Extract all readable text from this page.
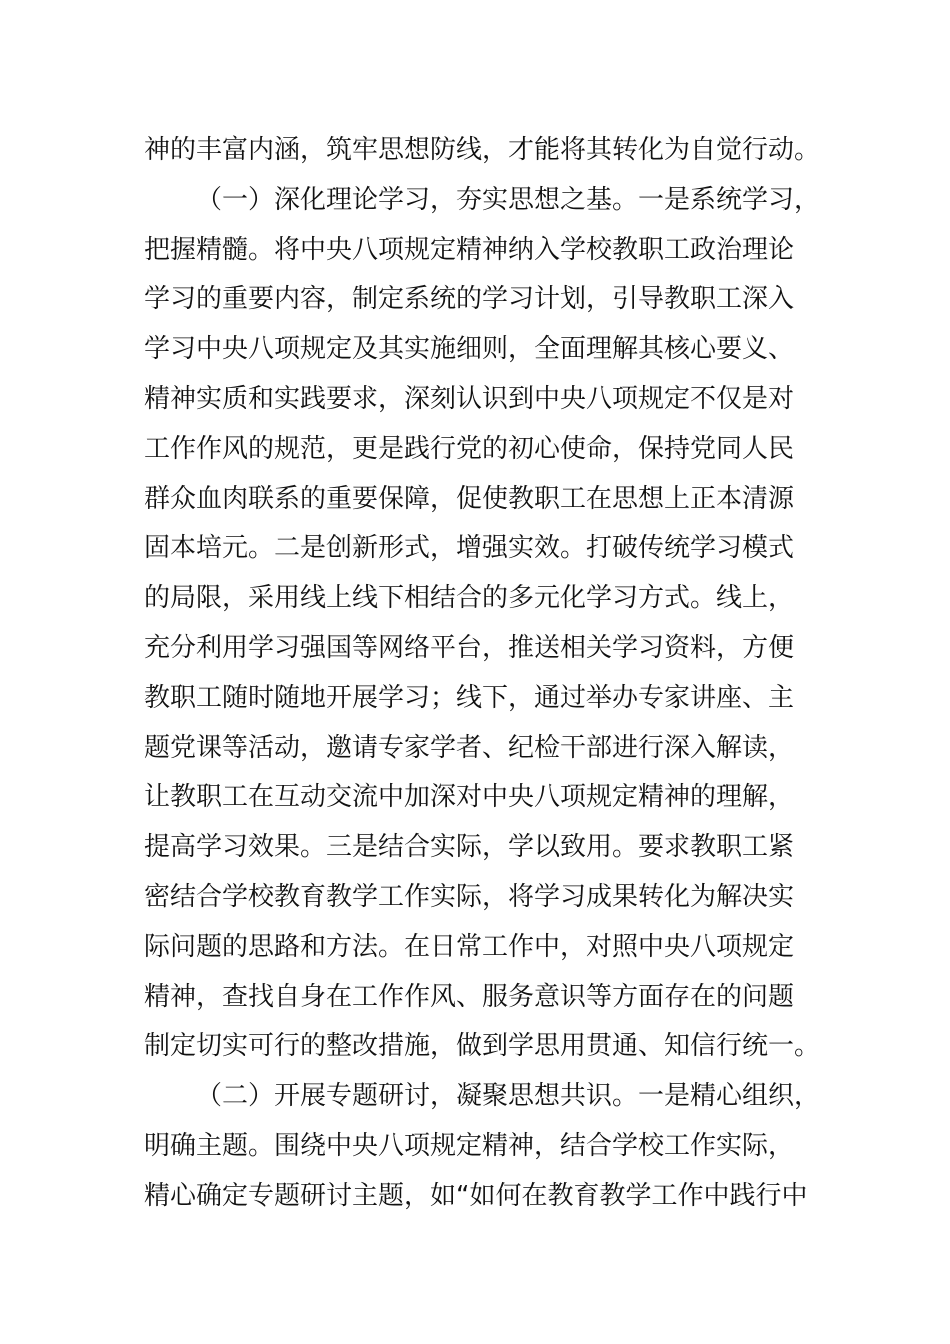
神的丰富内涵，筑牢思想防线，才能将其转化为自觉行动。
（一）深化理论学习，夯实思想之基。一是系统学习，
把握精髓。将中央八项规定精神纳入学校教职工政治理论
学习的重要内容，制定系统的学习计划，引导教职工深入
学习中央八项规定及其实施细则，全面理解其核心要义、
精神实质和实践要求，深刻认识到中央八项规定不仅是对
工作作风的规范，更是践行党的初心使命，保持党同人民
群众血肉联系的重要保障，促使教职工在思想上正本清源
固本培元。二是创新形式，增强实效。打破传统学习模式
的局限，采用线上线下相结合的多元化学习方式。线上，
充分利用学习强国等网络平台，推送相关学习资料，方便
教职工随时随地开展学习；线下，通过举办专家讲座、主
题党课等活动，邀请专家学者、纪检干部进行深入解读，
让教职工在互动交流中加深对中央八项规定精神的理解，
提高学习效果。三是结合实际，学以致用。要求教职工紧
密结合学校教育教学工作实际，将学习成果转化为解决实
际问题的思路和方法。在日常工作中，对照中央八项规定
精神，查找自身在工作作风、服务意识等方面存在的问题
制定切实可行的整改措施，做到学思用贯通、知信行统一。
（二）开展专题研讨，凝聚思想共识。一是精心组织，
明确主题。围绕中央八项规定精神，结合学校工作实际，
精心确定专题研讨主题，如“如何在教育教学工作中践行中
